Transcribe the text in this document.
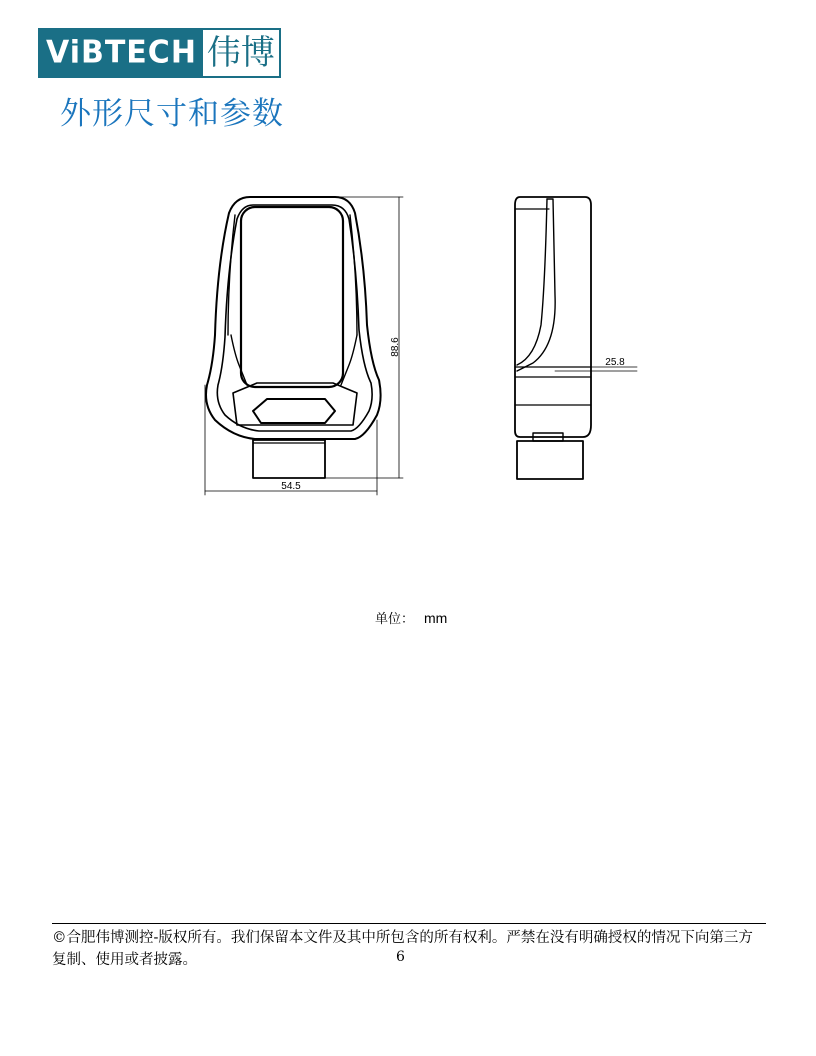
ViBTECH 伟博
外形尺寸和参数
88.6
54.5
25.8
单位： mm
©合肥伟博测控-版权所有。我们保留本文件及其中所包含的所有权利。严禁在没有明确授权的情况下向第三方复制、使用或者披露。	6
